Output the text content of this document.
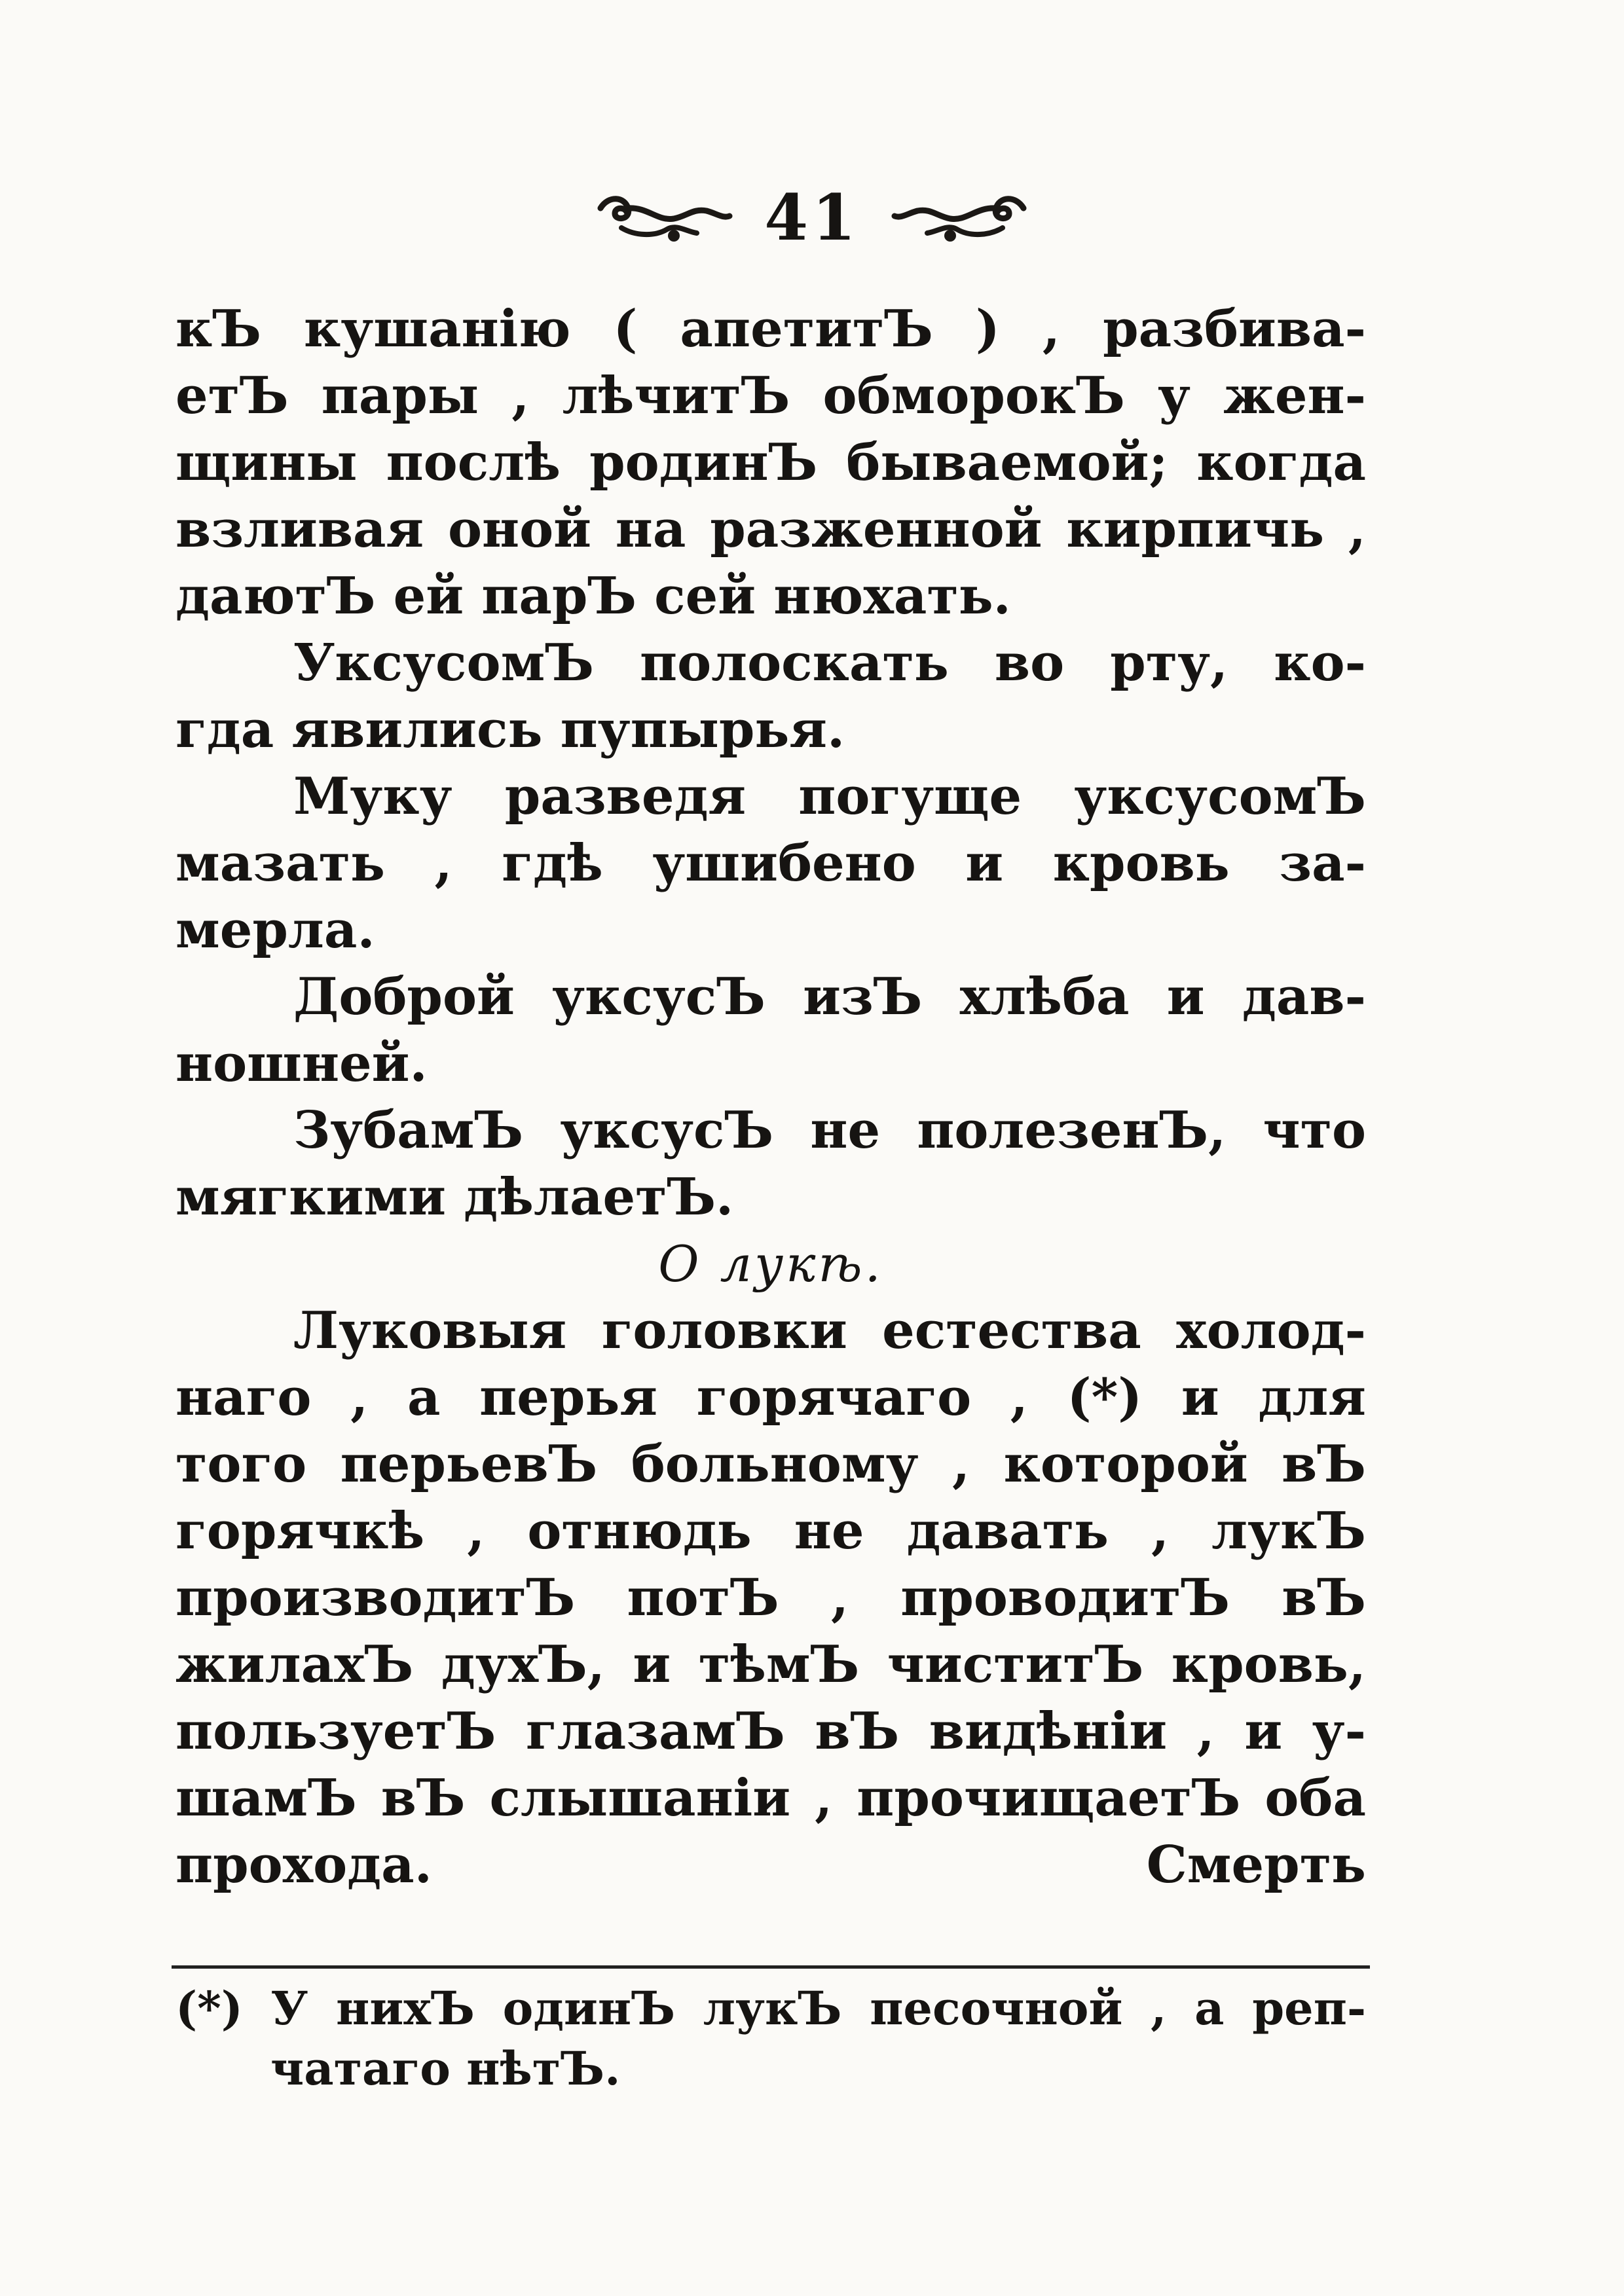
41
кЪ кушанію ( апетитЪ ) , разбива-
етЪ пары , лѣчитЪ обморокЪ у жен-
щины послѣ родинЪ бываемой; когда
взливая оной на разженной кирпичь ,
даютЪ ей парЪ сей нюхать.
УксусомЪ полоскать во рту, ко-
гда явились пупырья.
Муку разведя погуще уксусомЪ
мазать , гдѣ ушибено и кровь за-
мерла.
Доброй уксусЪ изЪ хлѣба и дав-
ношней.
ЗубамЪ уксусЪ не полезенЪ, что
мягкими дѣлаетЪ.
О лукѣ.
Луковыя головки естества холод-
наго , а перья горячаго , (*) и для
того перьевЪ больному , которой вЪ
горячкѣ , отнюдь не давать , лукЪ
производитЪ потЪ , проводитЪ вЪ
жилахЪ духЪ, и тѣмЪ чиститЪ кровь,
пользуетЪ глазамЪ вЪ видѣніи , и у-
шамЪ вЪ слышаніи , прочищаетЪ оба
прохода.	Смерть
(*) У нихЪ одинЪ лукЪ песочной , а реп-
чатаго нѣтЪ.
